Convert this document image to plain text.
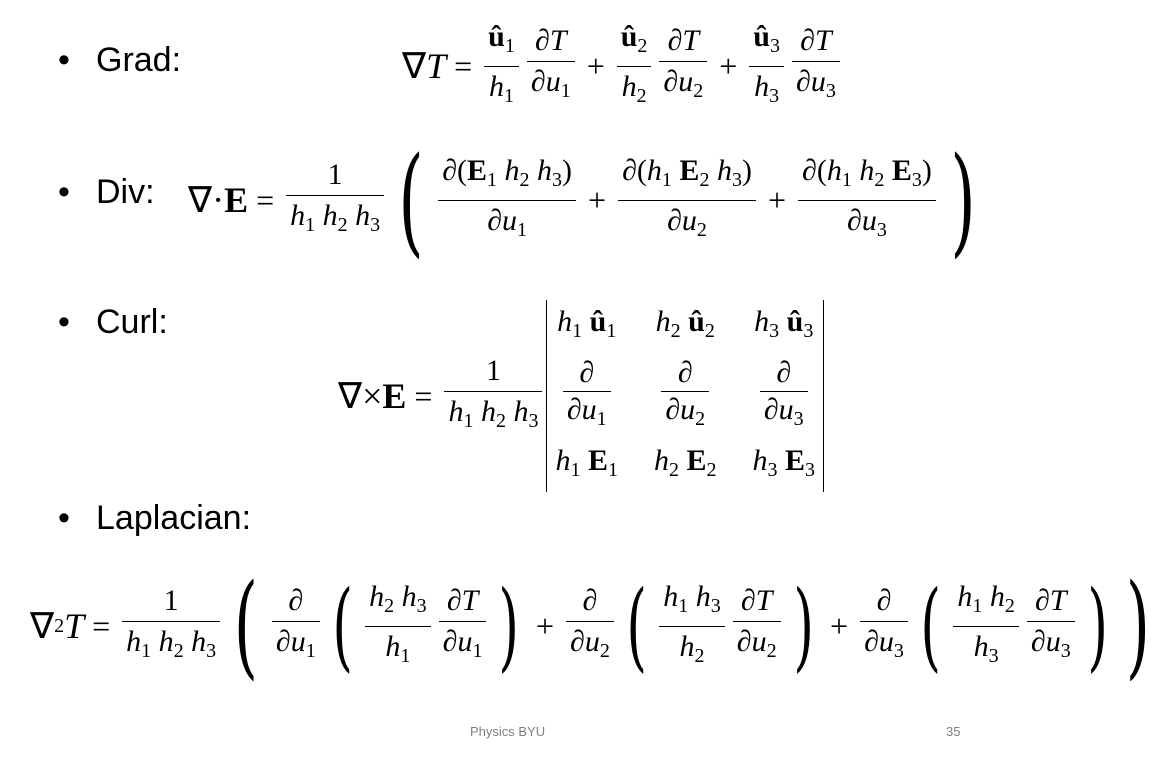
• Grad:
• Div:
• Curl:
• Laplacian:
∇ $T = \frac{û_1}{h_1} \frac{\partial T}{\partial u_1} + \frac{û_2}{h_2} \frac{\partial T}{\partial u_2} + \frac{û_3}{h_3} \frac{\partial T}{\partial u_3}$
∇ · $E = \frac{1}{h_1 h_2 h_3}$ ( $\frac{\partial(E_1 h_2 h_3)}{\partial u_1} + \frac{\partial(h_1 E_2 h_3)}{\partial u_2} + \frac{\partial(h_1 h_2 E_3)}{\partial u_3}$ )
∇ × $E = \frac{1}{h_1 h_2 h_3}$
$h_1$ $û_1$ $h_2$ $û_2$ $h_3$ $û_3$
$\frac{\partial}{\partial u_1} \frac{\partial}{\partial u_2} \frac{\partial}{\partial u_3}$
$h_1$ $E_1$ $h_2$ $E_2$ $h_3$ $E_3$
∇ 2 $T = \frac{1}{h_1 h_2 h_3}$ ( $\frac{\partial}{\partial u_1}$ ( $\frac{h_2 h_3}{h_1} \frac{\partial T}{\partial u_1}$ ) + $\frac{\partial}{\partial u_2}$ ( $\frac{h_1 h_3}{h_2} \frac{\partial T}{\partial u_2}$ ) + $\frac{\partial}{\partial u_3}$ ( $\frac{h_1 h_2}{h_3} \frac{\partial T}{\partial u_3}$ ) )
Physics BYU	35
